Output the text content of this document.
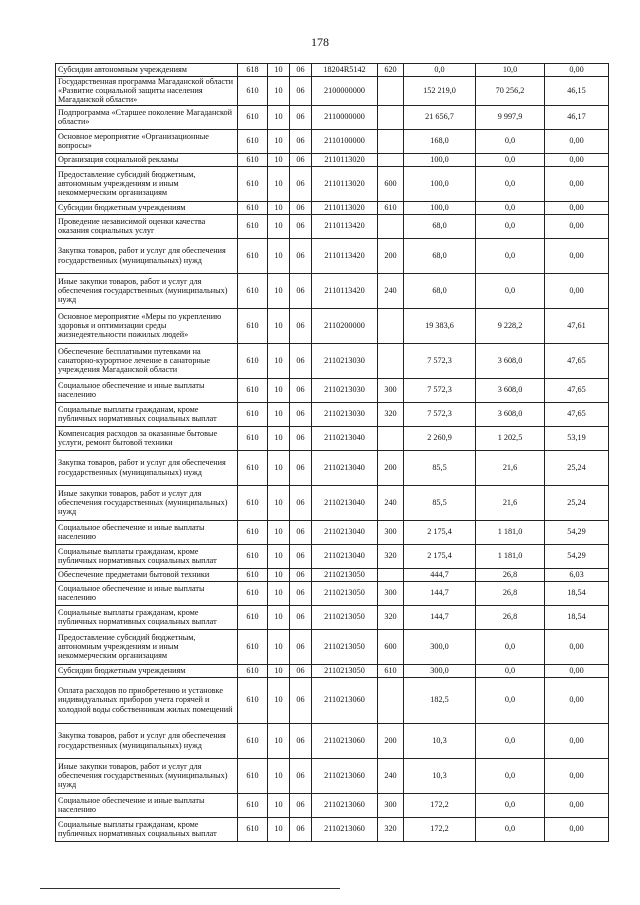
178
Субсидии автономным учреждениям	618	10	06	18204R5142	620	0,0	10,0	0,00
Государственная программа Магаданской области «Развитие социальной защиты населения Магаданской области»	610	10	06	2100000000		152 219,0	70 256,2	46,15
Подпрограмма «Старшее поколение Магаданской области»	610	10	06	2110000000		21 656,7	9 997,9	46,17
Основное мероприятие «Организационные вопросы»	610	10	06	2110100000		168,0	0,0	0,00
Организация социальной рекламы	610	10	06	2110113020		100,0	0,0	0,00
Предоставление субсидий бюджетным, автономным учреждениям и иным некоммерческим организациям	610	10	06	2110113020	600	100,0	0,0	0,00
Субсидии бюджетным учреждениям	610	10	06	2110113020	610	100,0	0,0	0,00
Проведение независимой оценки качества оказания социальных услуг	610	10	06	2110113420		68,0	0,0	0,00
Закупка товаров, работ и услуг для обеспечения государственных (муниципальных) нужд	610	10	06	2110113420	200	68,0	0,0	0,00
Иные закупки товаров, работ и услуг для обеспечения государственных (муниципальных) нужд	610	10	06	2110113420	240	68,0	0,0	0,00
Основное мероприятие «Меры по укреплению здоровья и оптимизации среды жизнедеятельности пожилых людей»	610	10	06	2110200000		19 383,6	9 228,2	47,61
Обеспечение бесплатными путевками на санаторно-курортное лечение в санаторные учреждения Магаданской области	610	10	06	2110213030		7 572,3	3 608,0	47,65
Социальное обеспечение и иные выплаты населению	610	10	06	2110213030	300	7 572,3	3 608,0	47,65
Социальные выплаты гражданам, кроме публичных нормативных социальных выплат	610	10	06	2110213030	320	7 572,3	3 608,0	47,65
Компенсация расходов за оказанные бытовые услуги, ремонт бытовой техники	610	10	06	2110213040		2 260,9	1 202,5	53,19
Закупка товаров, работ и услуг для обеспечения государственных (муниципальных) нужд	610	10	06	2110213040	200	85,5	21,6	25,24
Иные закупки товаров, работ и услуг для обеспечения государственных (муниципальных) нужд	610	10	06	2110213040	240	85,5	21,6	25,24
Социальное обеспечение и иные выплаты населению	610	10	06	2110213040	300	2 175,4	1 181,0	54,29
Социальные выплаты гражданам, кроме публичных нормативных социальных выплат	610	10	06	2110213040	320	2 175,4	1 181,0	54,29
Обеспечение предметами бытовой техники	610	10	06	2110213050		444,7	26,8	6,03
Социальное обеспечение и иные выплаты населению	610	10	06	2110213050	300	144,7	26,8	18,54
Социальные выплаты гражданам, кроме публичных нормативных социальных выплат	610	10	06	2110213050	320	144,7	26,8	18,54
Предоставление субсидий бюджетным, автономным учреждениям и иным некоммерческим организациям	610	10	06	2110213050	600	300,0	0,0	0,00
Субсидии бюджетным учреждениям	610	10	06	2110213050	610	300,0	0,0	0,00
Оплата расходов по приобретению и установке индивидуальных приборов учета горячей и холодной воды собственникам жилых помещений	610	10	06	2110213060		182,5	0,0	0,00
Закупка товаров, работ и услуг для обеспечения государственных (муниципальных) нужд	610	10	06	2110213060	200	10,3	0,0	0,00
Иные закупки товаров, работ и услуг для обеспечения государственных (муниципальных) нужд	610	10	06	2110213060	240	10,3	0,0	0,00
Социальное обеспечение и иные выплаты населению	610	10	06	2110213060	300	172,2	0,0	0,00
Социальные выплаты гражданам, кроме публичных нормативных социальных выплат	610	10	06	2110213060	320	172,2	0,0	0,00
